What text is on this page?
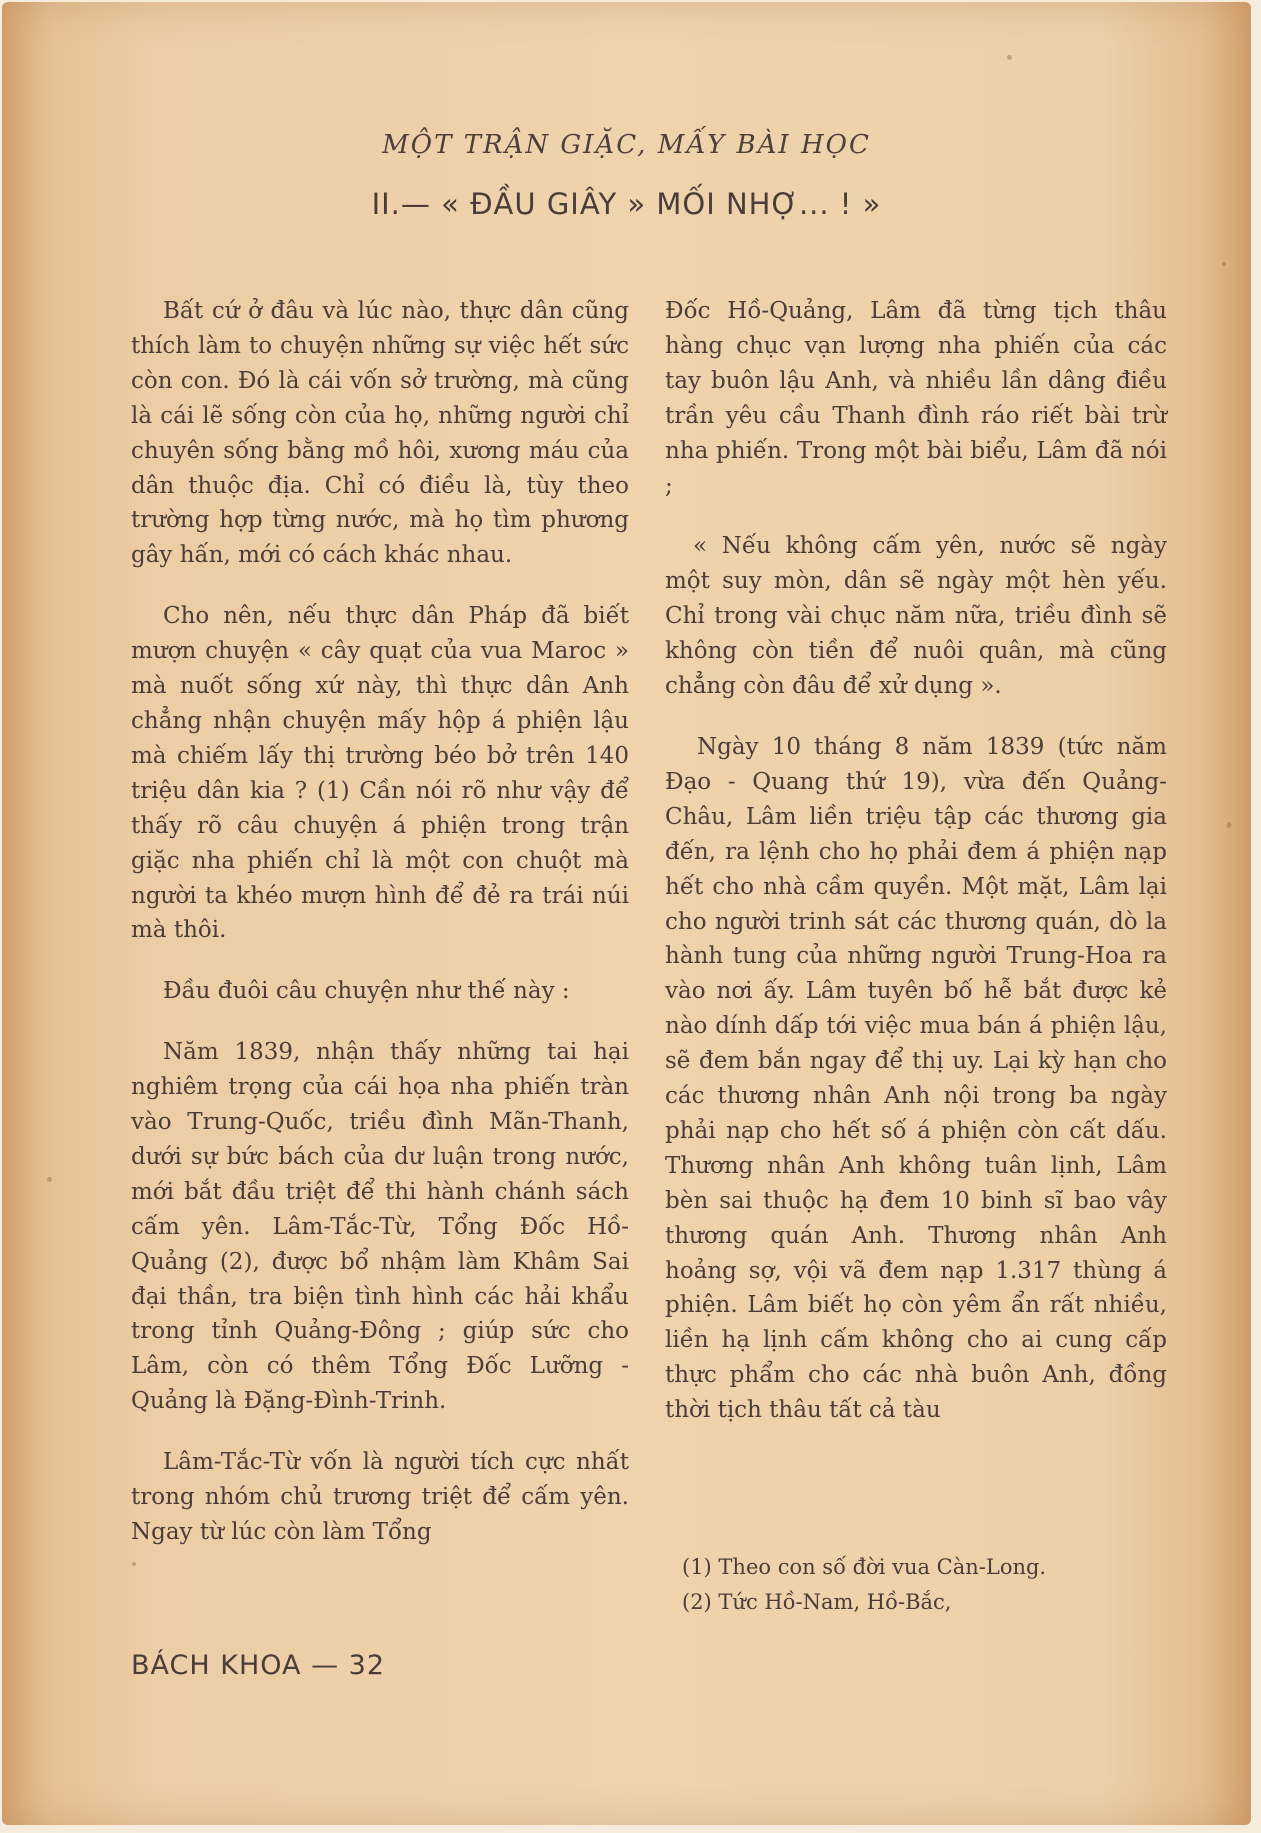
MỘT TRẬN GIẶC, MẤY BÀI HỌC
II.— « ĐẦU GIÂY » MỐI NHỢ... ! »

Bất cứ ở đâu và lúc nào, thực dân cũng thích làm to chuyện những sự việc hết sức còn con. Đó là cái vốn sở trường, mà cũng là cái lẽ sống còn của họ, những người chỉ chuyên sống bằng mồ hôi, xương máu của dân thuộc địa. Chỉ có điều là, tùy theo trường hợp từng nước, mà họ tìm phương gây hấn, mới có cách khác nhau.

Cho nên, nếu thực dân Pháp đã biết mượn chuyện « cây quạt của vua Maroc » mà nuốt sống xứ này, thì thực dân Anh chẳng nhận chuyện mấy hộp á phiện lậu mà chiếm lấy thị trường béo bở trên 140 triệu dân kia ? (1) Cần nói rõ như vậy để thấy rõ câu chuyện á phiện trong trận giặc nha phiến chỉ là một con chuột mà người ta khéo mượn hình để đẻ ra trái núi mà thôi.

Đầu đuôi câu chuyện như thế này :

Năm 1839, nhận thấy những tai hại nghiêm trọng của cái họa nha phiến tràn vào Trung-Quốc, triều đình Mãn-Thanh, dưới sự bức bách của dư luận trong nước, mới bắt đầu triệt để thi hành chánh sách cấm yên. Lâm-Tắc-Từ, Tổng Đốc Hồ-Quảng (2), được bổ nhậm làm Khâm Sai đại thần, tra biện tình hình các hải khẩu trong tỉnh Quảng-Đông ; giúp sức cho Lâm, còn có thêm Tổng Đốc Lưỡng - Quảng là Đặng-Đình-Trinh.

Lâm-Tắc-Từ vốn là người tích cực nhất trong nhóm chủ trương triệt để cấm yên. Ngay từ lúc còn làm Tổng

Đốc Hồ-Quảng, Lâm đã từng tịch thâu hàng chục vạn lượng nha phiến của các tay buôn lậu Anh, và nhiều lần dâng điều trần yêu cầu Thanh đình ráo riết bài trừ nha phiến. Trong một bài biểu, Lâm đã nói ;

« Nếu không cấm yên, nước sẽ ngày một suy mòn, dân sẽ ngày một hèn yếu. Chỉ trong vài chục năm nữa, triều đình sẽ không còn tiền để nuôi quân, mà cũng chẳng còn đâu để xử dụng ».

Ngày 10 tháng 8 năm 1839 (tức năm Đạo - Quang thứ 19), vừa đến Quảng-Châu, Lâm liền triệu tập các thương gia đến, ra lệnh cho họ phải đem á phiện nạp hết cho nhà cầm quyền. Một mặt, Lâm lại cho người trinh sát các thương quán, dò la hành tung của những người Trung-Hoa ra vào nơi ấy. Lâm tuyên bố hễ bắt được kẻ nào dính dấp tới việc mua bán á phiện lậu, sẽ đem bắn ngay để thị uy. Lại kỳ hạn cho các thương nhân Anh nội trong ba ngày phải nạp cho hết số á phiện còn cất dấu. Thương nhân Anh không tuân lịnh, Lâm bèn sai thuộc hạ đem 10 binh sĩ bao vây thương quán Anh. Thương nhân Anh hoảng sợ, vội vã đem nạp 1.317 thùng á phiện. Lâm biết họ còn yêm ẩn rất nhiều, liền hạ lịnh cấm không cho ai cung cấp thực phẩm cho các nhà buôn Anh, đồng thời tịch thâu tất cả tàu

(1) Theo con số đời vua Càn-Long.
(2) Tức Hồ-Nam, Hồ-Bắc,
BÁCH KHOA — 32
